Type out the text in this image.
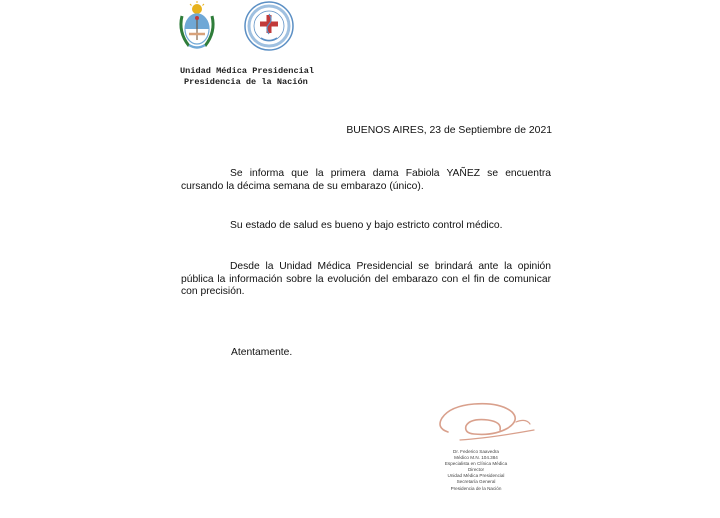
Unidad Médica Presidencial
Presidencia de la Nación
BUENOS AIRES, 23 de Septiembre de 2021
Se informa que la primera dama Fabiola YAÑEZ se encuentra cursando la décima semana de su embarazo (único).
Su estado de salud es bueno y bajo estricto control médico.
Desde la Unidad Médica Presidencial se brindará ante la opinión pública la información sobre la evolución del embarazo con el fin de comunicar con precisión.
Atentamente.
Dr. Federico Saavedra
Médico M.N. 104.384
Especialista en Clínica Médica
Director
Unidad Médica Presidencial
Secretaría General
Presidencia de la Nación
